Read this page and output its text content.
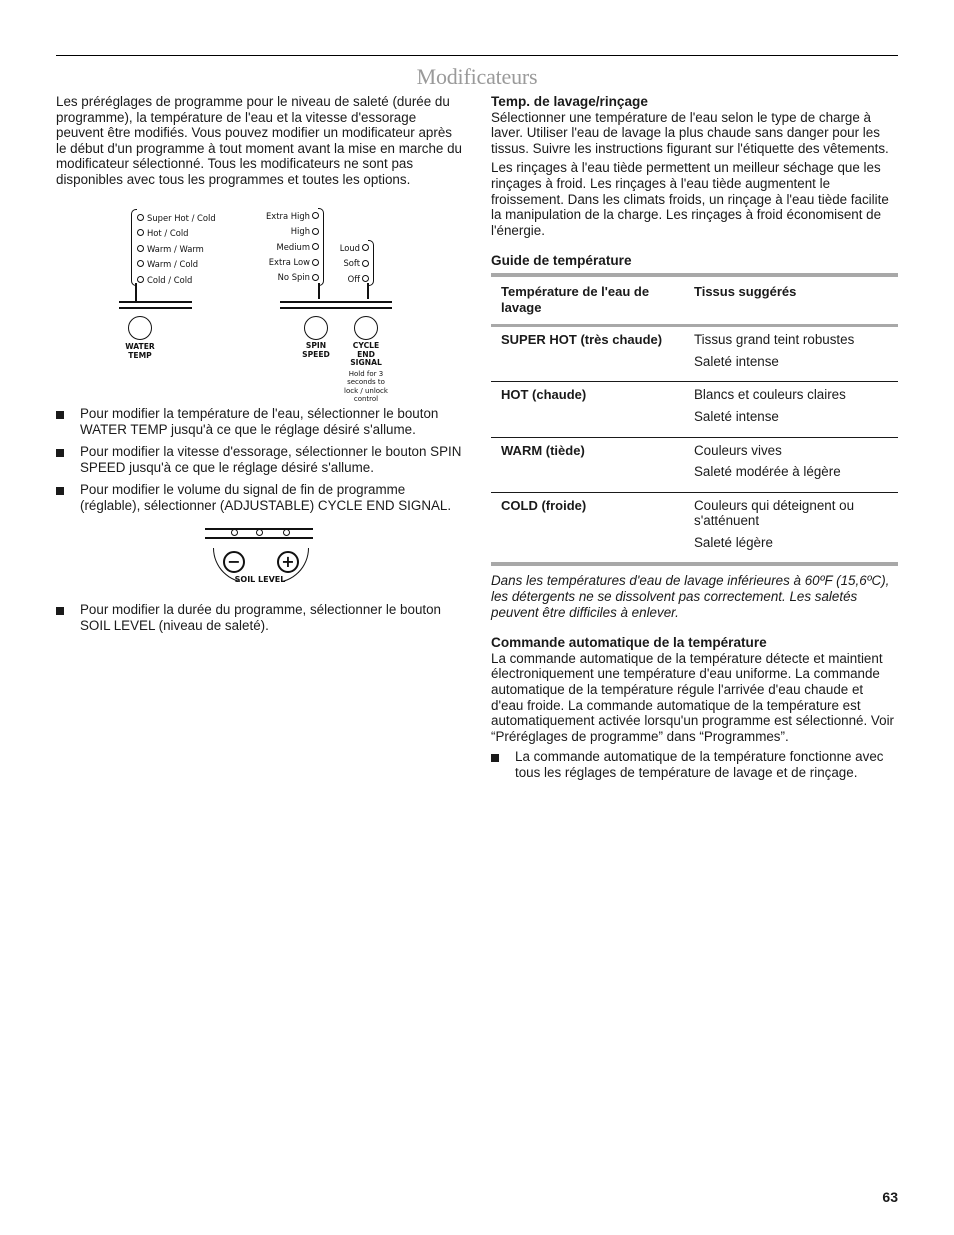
Modificateurs

Les préréglages de programme pour le niveau de saleté (durée du programme), la température de l'eau et la vitesse d'essorage peuvent être modifiés. Vous pouvez modifier un modificateur après le début d'un programme à tout moment avant la mise en marche du modificateur sélectionné. Tous les modificateurs ne sont pas disponibles avec tous les programmes et toutes les options.

Super Hot / Cold
Hot / Cold
Warm / Warm
Warm / Cold
Cold / Cold
WATER
TEMP
Extra High
High
Medium
Extra Low
No Spin
Loud
Soft
Off
SPIN
SPEED
CYCLE
END
SIGNAL
Hold for 3
seconds to
lock / unlock
control

Pour modifier la température de l'eau, sélectionner le bouton WATER TEMP jusqu'à ce que le réglage désiré s'allume.

Pour modifier la vitesse d'essorage, sélectionner le bouton SPIN SPEED jusqu'à ce que le réglage désiré s'allume.

Pour modifier le volume du signal de fin de programme (réglable), sélectionner (ADJUSTABLE) CYCLE END SIGNAL.

−	+
SOIL LEVEL

Pour modifier la durée du programme, sélectionner le bouton SOIL LEVEL (niveau de saleté).

Temp. de lavage/rinçage

Sélectionner une température de l'eau selon le type de charge à laver. Utiliser l'eau de lavage la plus chaude sans danger pour les tissus. Suivre les instructions figurant sur l'étiquette des vêtements.

Les rinçages à l'eau tiède permettent un meilleur séchage que les rinçages à froid. Les rinçages à l'eau tiède augmentent le froissement. Dans les climats froids, un rinçage à l'eau tiède facilite la manipulation de la charge. Les rinçages à froid économisent de l'énergie.

Guide de température

Température de l'eau de lavage	Tissus suggérés
SUPER HOT (très chaude)	Tissus grand teint robustes
Saleté intense

HOT (chaude)	Blancs et couleurs claires
Saleté intense

WARM (tiède)	Couleurs vives
Saleté modérée à légère

COLD (froide)	Couleurs qui déteignent ou s'atténuent
Saleté légère

Dans les températures d'eau de lavage inférieures à 60ºF (15,6ºC), les détergents ne se dissolvent pas correctement. Les saletés peuvent être difficiles à enlever.

Commande automatique de la température

La commande automatique de la température détecte et maintient électroniquement une température d'eau uniforme. La commande automatique de la température régule l'arrivée d'eau chaude et d'eau froide. La commande automatique de la température est automatiquement activée lorsqu'un programme est sélectionné. Voir “Préréglages de programme” dans “Programmes”.

La commande automatique de la température fonctionne avec tous les réglages de température de lavage et de rinçage.

63
